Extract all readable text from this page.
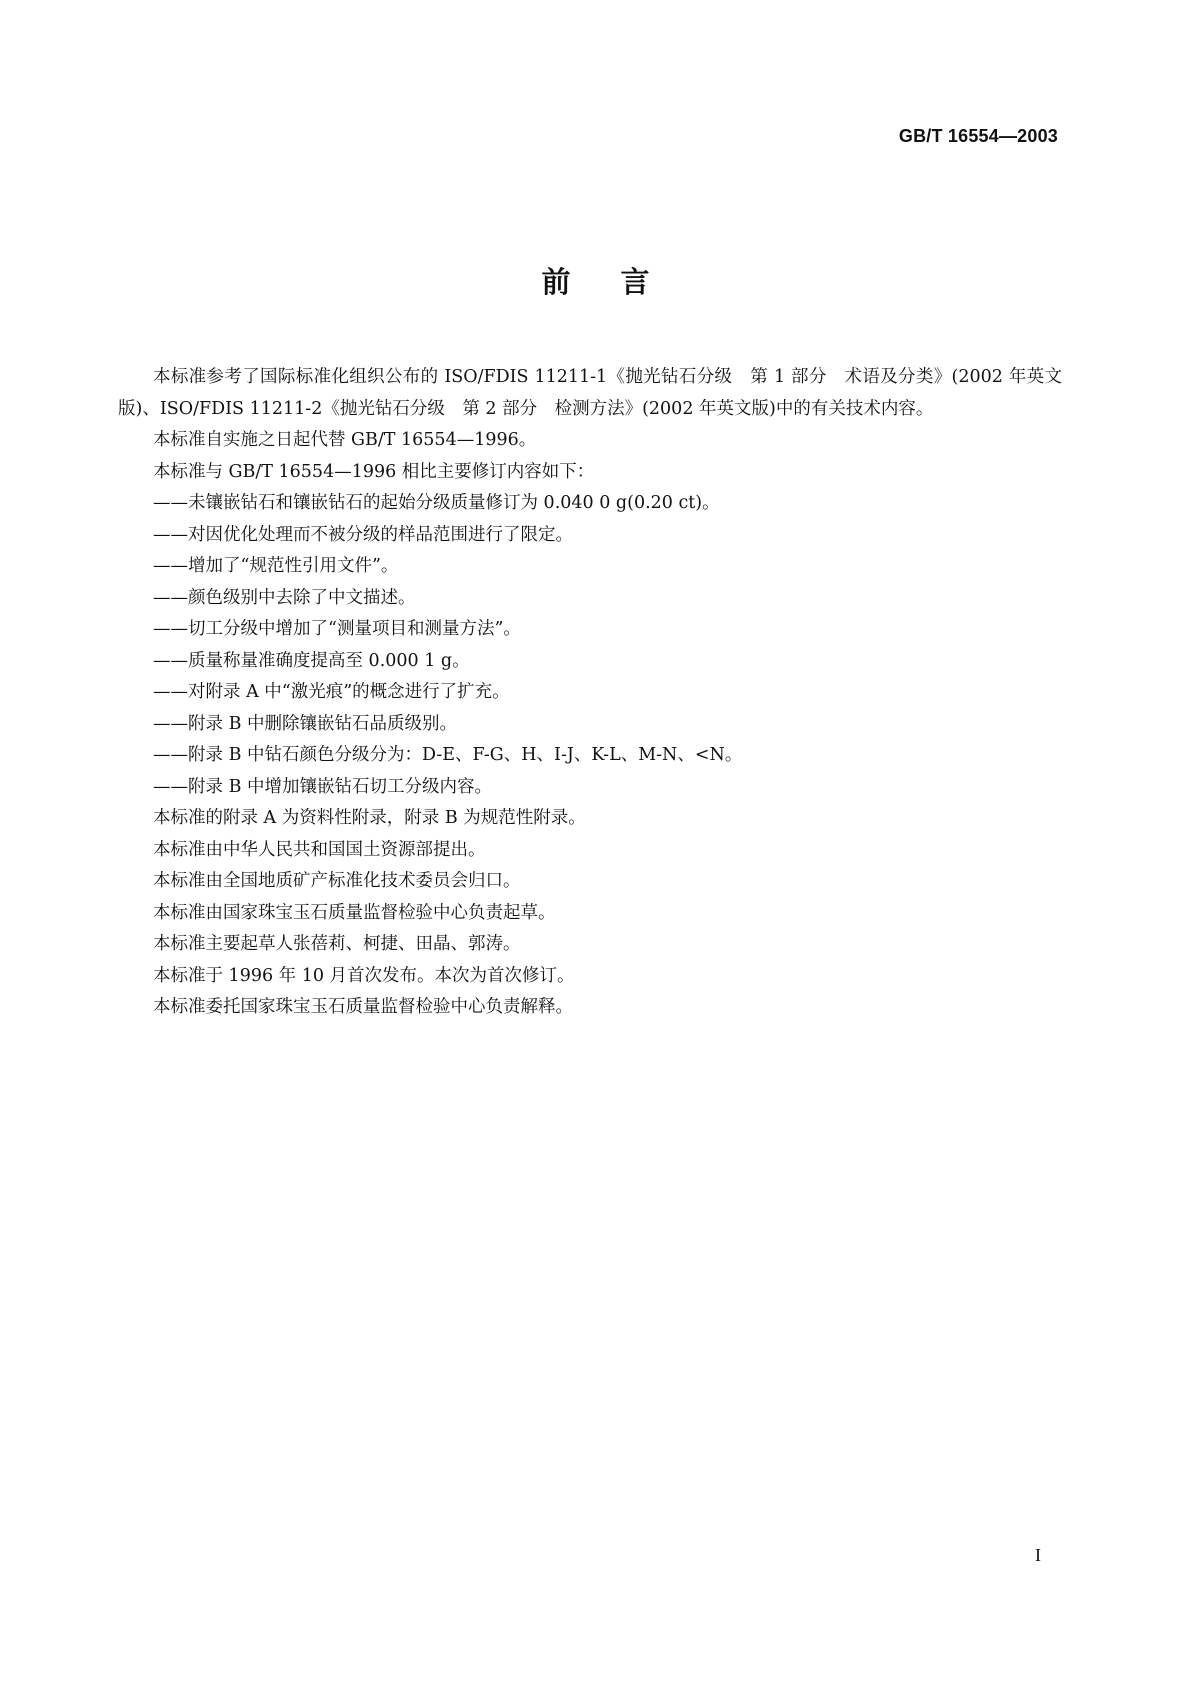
GB/T 16554—2003
前言

本标准参考了国际标准化组织公布的 ISO/FDIS 11211-1《抛光钻石分级　第 1 部分　术语及分类》(2002 年英文版)、ISO/FDIS 11211-2《抛光钻石分级　第 2 部分　检测方法》(2002 年英文版)中的有关技术内容。

本标准自实施之日起代替 GB/T 16554—1996。

本标准与 GB/T 16554—1996 相比主要修订内容如下：

——未镶嵌钻石和镶嵌钻石的起始分级质量修订为 0.040 0 g(0.20 ct)。

——对因优化处理而不被分级的样品范围进行了限定。

——增加了“规范性引用文件”。

——颜色级别中去除了中文描述。

——切工分级中增加了“测量项目和测量方法”。

——质量称量准确度提高至 0.000 1 g。

——对附录 A 中“激光痕”的概念进行了扩充。

——附录 B 中删除镶嵌钻石品质级别。

——附录 B 中钻石颜色分级分为：D-E、F-G、H、I-J、K-L、M-N、<N。

——附录 B 中增加镶嵌钻石切工分级内容。

本标准的附录 A 为资料性附录，附录 B 为规范性附录。

本标准由中华人民共和国国土资源部提出。

本标准由全国地质矿产标准化技术委员会归口。

本标准由国家珠宝玉石质量监督检验中心负责起草。

本标准主要起草人张蓓莉、柯捷、田晶、郭涛。

本标准于 1996 年 10 月首次发布。本次为首次修订。

本标准委托国家珠宝玉石质量监督检验中心负责解释。

I
